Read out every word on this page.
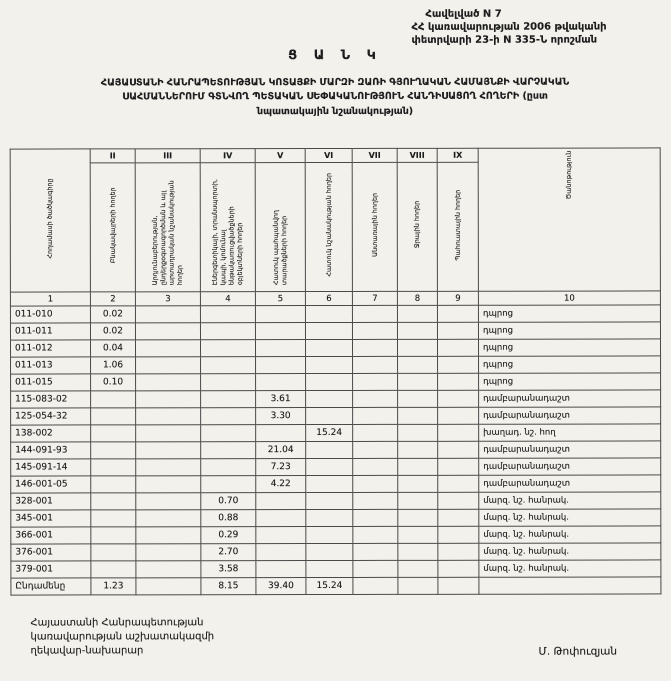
Հավելված N 7
ՀՀ կառավարության 2006 թվականի
փետրվարի 23-ի N 335-Ն որոշման
Ց Ա Ն Կ
ՀԱՅԱՍՏԱՆԻ ՀԱՆՐԱՊԵՏՈՒԹՅԱՆ ԿՈՏԱՅՔԻ ՄԱՐԶԻ ԶԱՌԻ ԳՅՈՒՂԱԿԱՆ ՀԱՄԱՅՆՔԻ ՎԱՐՉԱԿԱՆ
ՍԱՀՄԱՆՆԵՐՈՒՄ ԳՏՆՎՈՂ ՊԵՏԱԿԱՆ ՍԵՓԱԿԱՆՈՒԹՅՈՒՆ ՀԱՆԴԻՍԱՑՈՂ ՀՈՂԵՐԻ (ըստ
նպատակային նշանակության)
Հողամասի ծածկագիրը	II	III	IV	V	VI	VII	VIII	IX	Ծանոթություն
	Բնակավայրերի հողեր	Արդյունաբերության, ընդերքօգտագործման և այլ արտադրական նշանակության հողեր	Էներգետիկայի, տրանսպորտի, կապի, կոմունալ ենթակառուցվածքների օբյեկտների հողեր	Հատուկ պահպանվող տարածքների հողեր	Հատուկ նշանակության հողեր	Անտառային հողեր	Ջրային հողեր	Պահուստային հողեր	
1	2	3	4	5	6	7	8	9	10
011-010	0.02								դպրոց
011-011	0.02								դպրոց
011-012	0.04								դպրոց
011-013	1.06								դպրոց
011-015	0.10								դպրոց
115-083-02				3.61					դամբարանադաշտ
125-054-32				3.30					դամբարանադաշտ
138-002					15.24				խաղադ. նշ. հող
144-091-93				21.04					դամբարանադաշտ
145-091-14				7.23					դամբարանադաշտ
146-001-05				4.22					դամբարանադաշտ
328-001			0.70						մարզ. նշ. հանրակ.
345-001			0.88						մարզ. նշ. հանրակ.
366-001			0.29						մարզ. նշ. հանրակ.
376-001			2.70						մարզ. նշ. հանրակ.
379-001			3.58						մարզ. նշ. հանրակ.
Ընդամենը	1.23		8.15	39.40	15.24				
Հայաստանի Հանրապետության
կառավարության աշխատակազմի
ղեկավար-նախարար	Մ. Թոփուզյան
